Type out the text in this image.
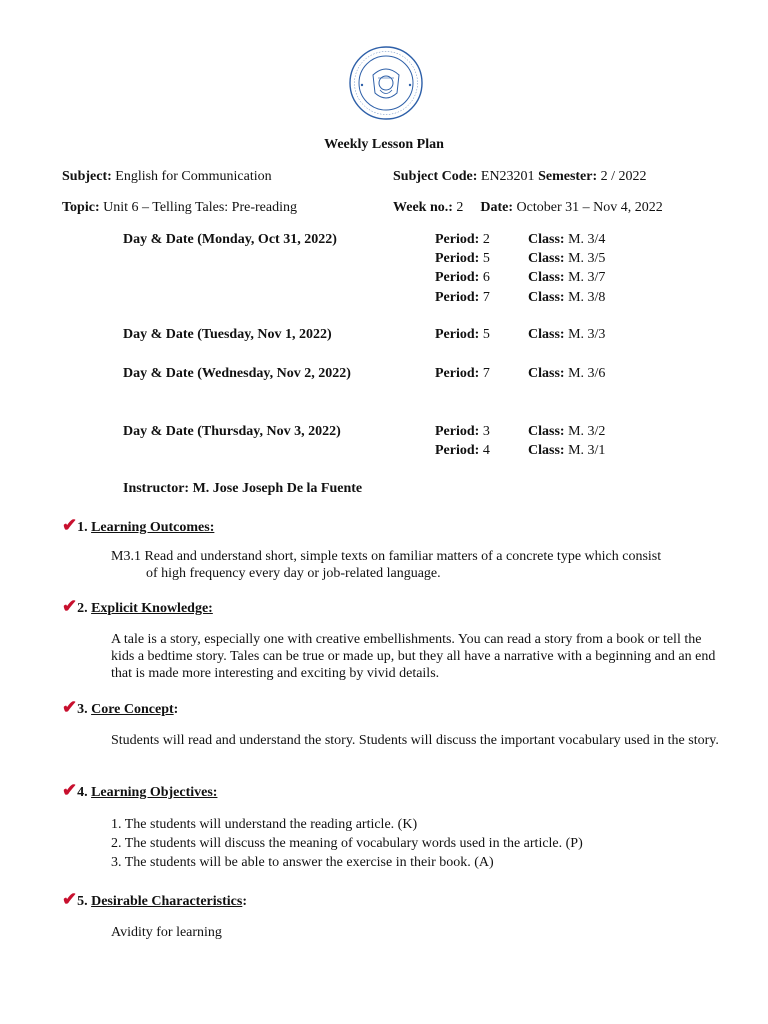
Weekly Lesson Plan
Subject: English for Communication	Subject Code: EN23201 Semester: 2 / 2022
Topic: Unit 6 – Telling Tales: Pre-reading	Week no.: 2 Date: October 31 – Nov 4, 2022
Day & Date (Monday, Oct 31, 2022)	Period: 2	Class: M. 3/4
Period: 5	Class: M. 3/5
Period: 6	Class: M. 3/7
Period: 7	Class: M. 3/8
Day & Date (Tuesday, Nov 1, 2022)	Period: 5	Class: M. 3/3
Day & Date (Wednesday, Nov 2, 2022)	Period: 7	Class: M. 3/6
Day & Date (Thursday, Nov 3, 2022)	Period: 3	Class: M. 3/2
Period: 4	Class: M. 3/1
Instructor: M. Jose Joseph De la Fuente
✔1. Learning Outcomes:
M3.1 Read and understand short, simple texts on familiar matters of a concrete type which consist
of high frequency every day or job-related language.
✔2. Explicit Knowledge:
A tale is a story, especially one with creative embellishments. You can read a story from a book or tell the kids a bedtime story. Tales can be true or made up, but they all have a narrative with a beginning and an end that is made more interesting and exciting by vivid details.
✔3. Core Concept:
Students will read and understand the story. Students will discuss the important vocabulary used in the story.
✔4. Learning Objectives:
1. The students will understand the reading article. (K)
2. The students will discuss the meaning of vocabulary words used in the article. (P)
3. The students will be able to answer the exercise in their book. (A)
✔5. Desirable Characteristics:
Avidity for learning
